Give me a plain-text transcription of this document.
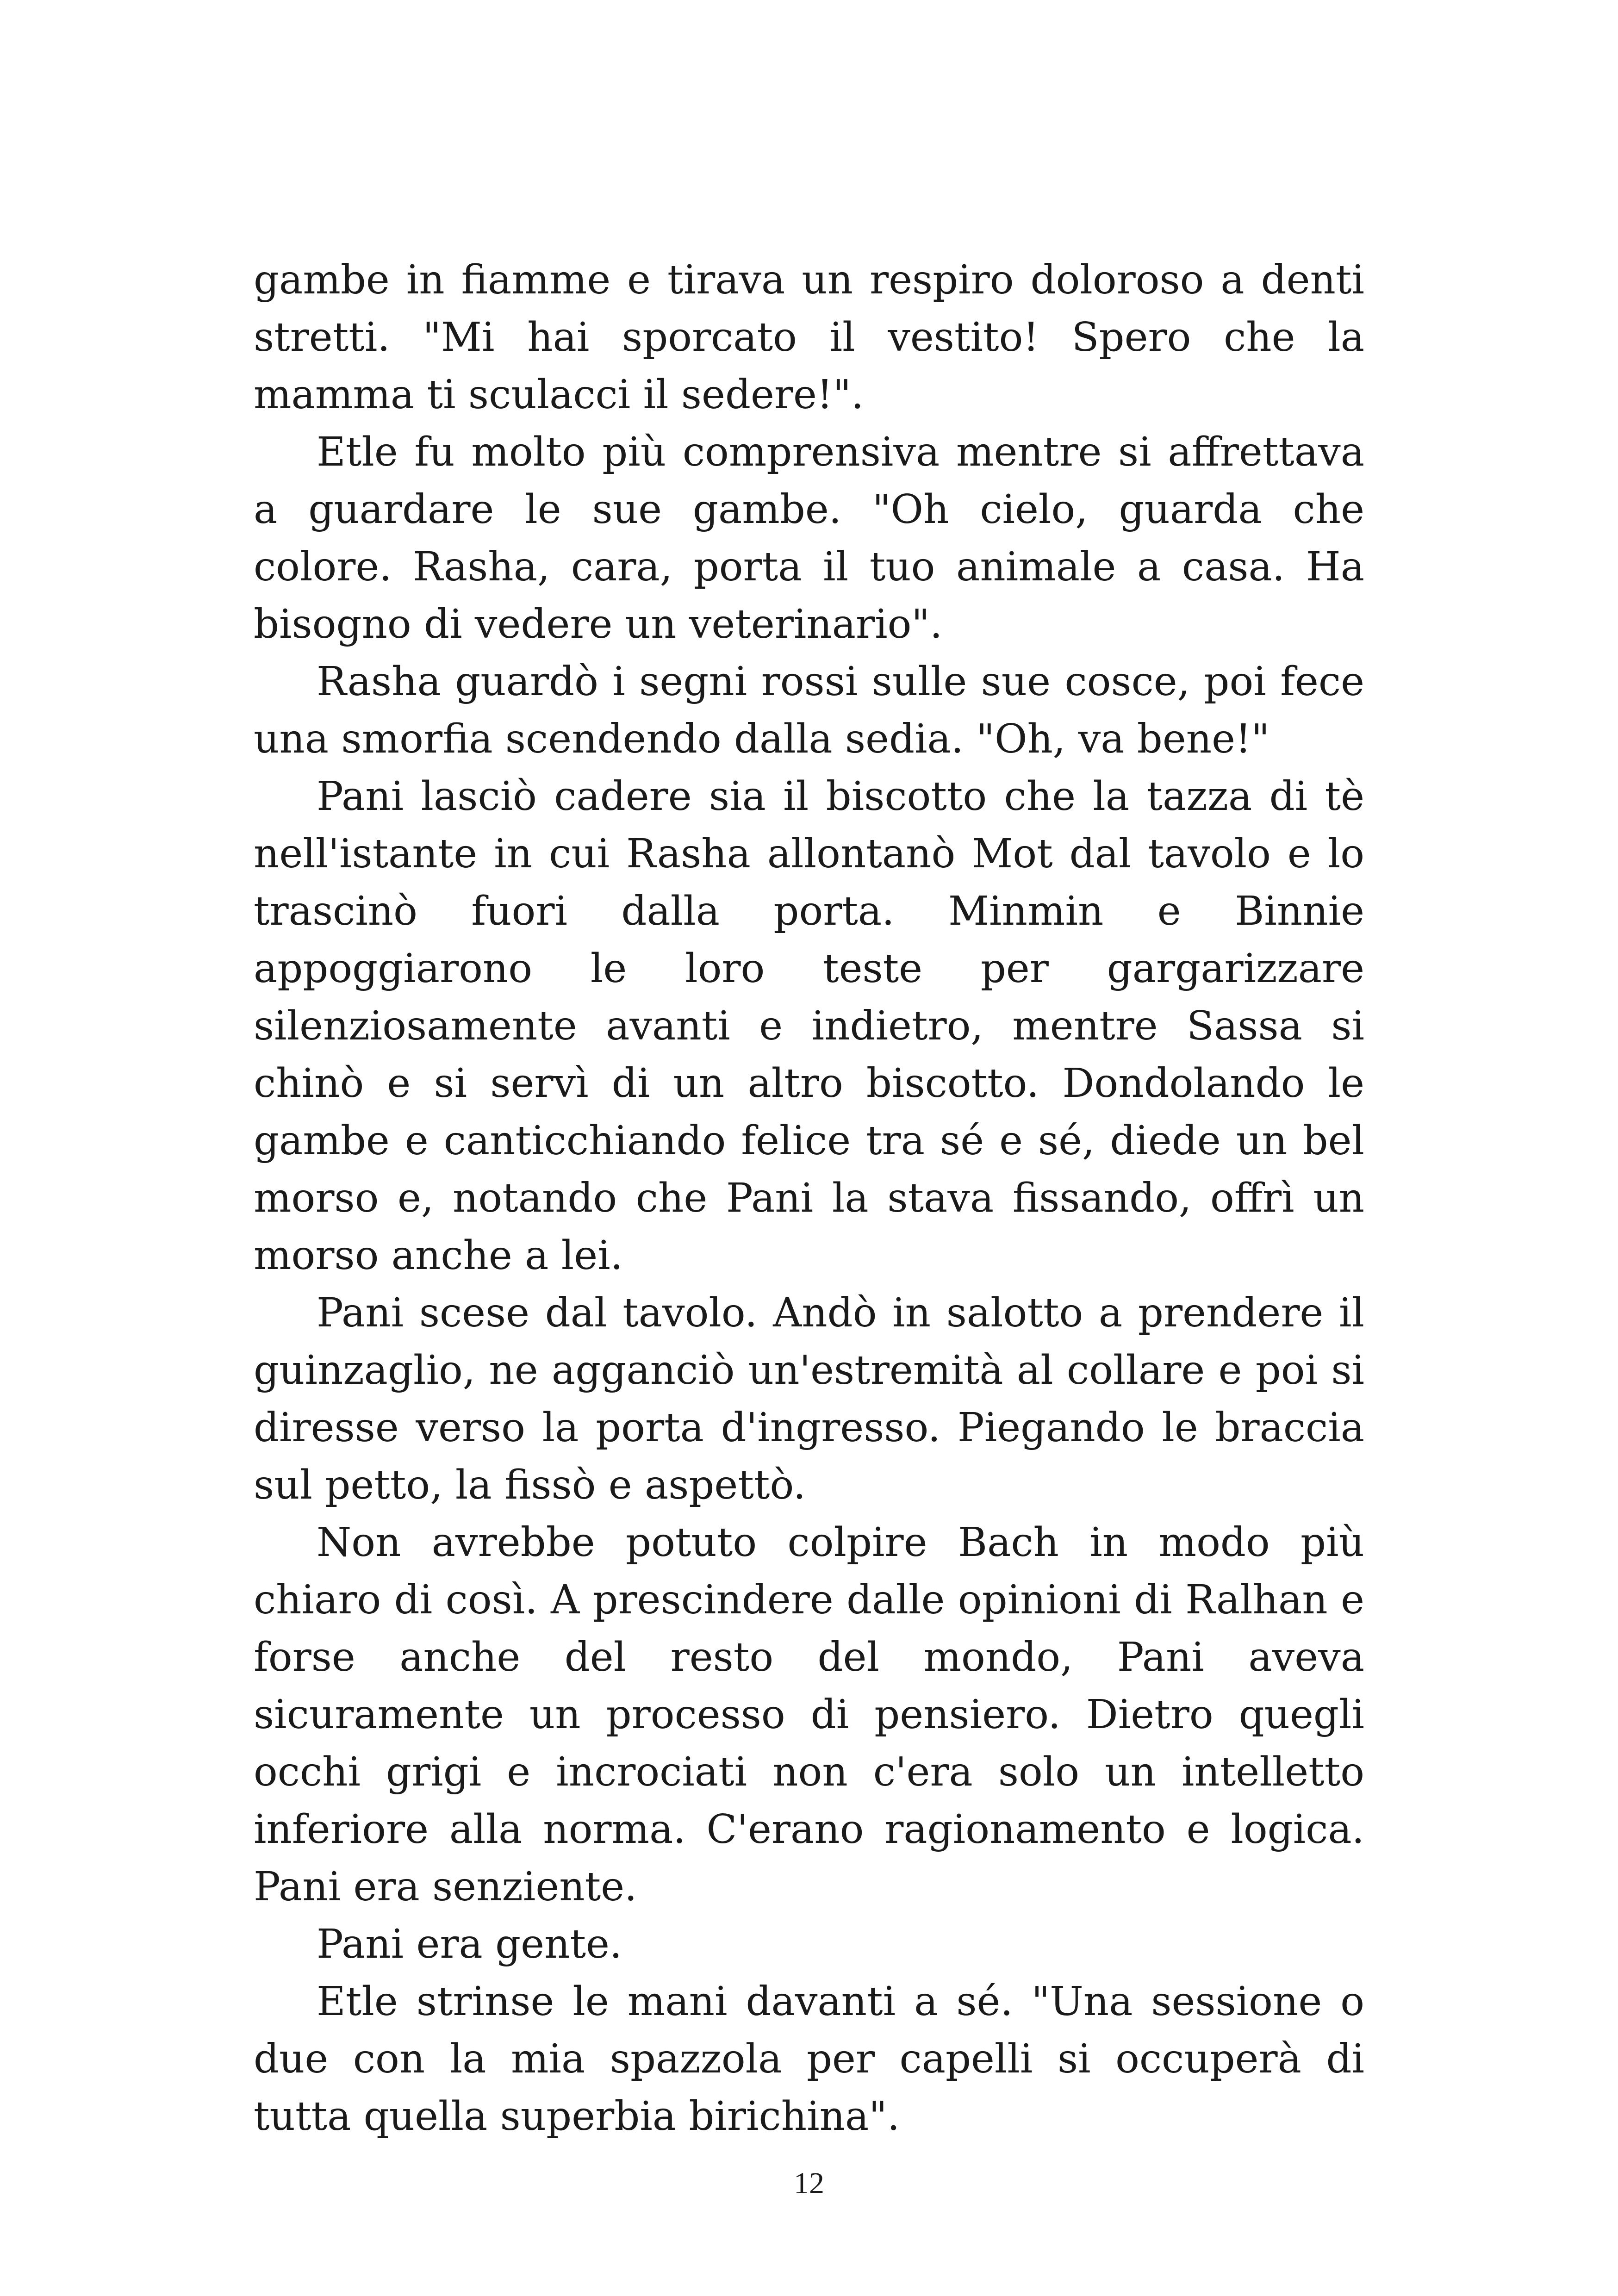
gambe in fiamme e tirava un respiro doloroso a denti stretti. "Mi hai sporcato il vestito! Spero che la mamma ti sculacci il sedere!".

Etle fu molto più comprensiva mentre si affrettava a guardare le sue gambe. "Oh cielo, guarda che colore. Rasha, cara, porta il tuo animale a casa. Ha bisogno di vedere un veterinario".

Rasha guardò i segni rossi sulle sue cosce, poi fece una smorfia scendendo dalla sedia. "Oh, va bene!"

Pani lasciò cadere sia il biscotto che la tazza di tè nell'istante in cui Rasha allontanò Mot dal tavolo e lo trascinò fuori dalla porta. Minmin e Binnie appoggiarono le loro teste per gargarizzare silenziosamente avanti e indietro, mentre Sassa si chinò e si servì di un altro biscotto. Dondolando le gambe e canticchiando felice tra sé e sé, diede un bel morso e, notando che Pani la stava fissando, offrì un morso anche a lei.

Pani scese dal tavolo. Andò in salotto a prendere il guinzaglio, ne agganciò un'estremità al collare e poi si diresse verso la porta d'ingresso. Piegando le braccia sul petto, la fissò e aspettò.

Non avrebbe potuto colpire Bach in modo più chiaro di così. A prescindere dalle opinioni di Ralhan e forse anche del resto del mondo, Pani aveva sicuramente un processo di pensiero. Dietro quegli occhi grigi e incrociati non c'era solo un intelletto inferiore alla norma. C'erano ragionamento e logica. Pani era senziente.

Pani era gente.

Etle strinse le mani davanti a sé. "Una sessione o due con la mia spazzola per capelli si occuperà di tutta quella superbia birichina".

12
